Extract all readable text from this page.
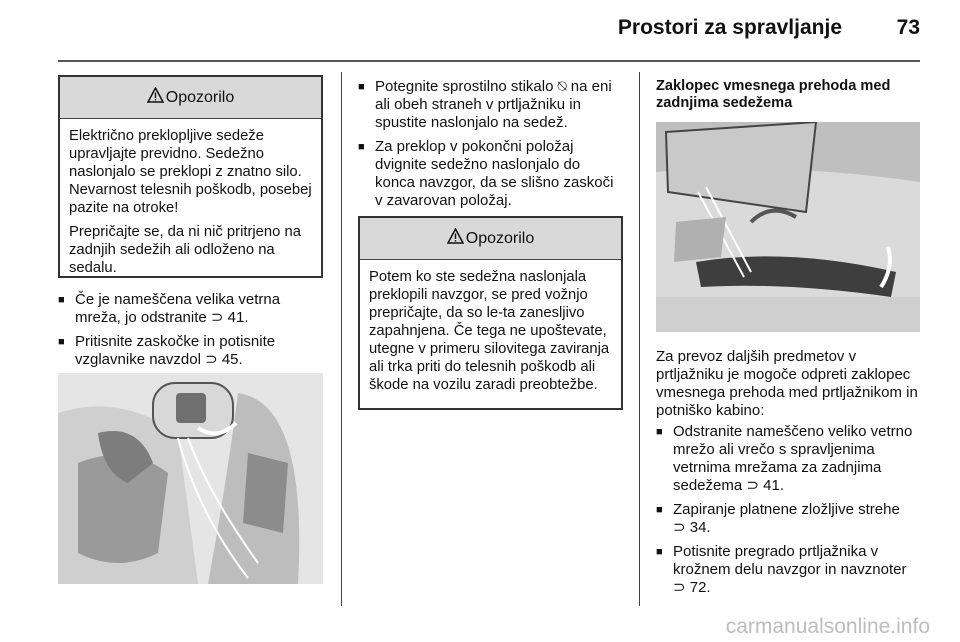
Prostori za spravljanje	73
Opozorilo

Električno preklopljive sedeže upravljajte previdno. Sedežno naslonjalo se preklopi z znatno silo. Nevarnost telesnih poškodb, posebej pazite na otroke!

Prepričajte se, da ni nič pritrjeno na zadnjih sedežih ali odloženo na sedalu.

■ Če je nameščena velika vetrna mreža, jo odstranite ⊃ 41.
■ Pritisnite zaskočke in potisnite vzglavnike navzdol ⊃ 45.
■ Potegnite sprostilno stikalo ⍉ na eni ali obeh straneh v prtljažniku in spustite naslonjalo na sedež.
■ Za preklop v pokončni položaj dvignite sedežno naslonjalo do konca navzgor, da se slišno zaskoči v zavarovan položaj.
Opozorilo

Potem ko ste sedežna naslonjala preklopili navzgor, se pred vožnjo prepričajte, da so le-ta zanesljivo zapahnjena. Če tega ne upoštevate, utegne v primeru silovitega zaviranja ali trka priti do telesnih poškodb ali škode na vozilu zaradi preobtežbe.

Zaklopec vmesnega prehoda med zadnjima sedežema
Za prevoz daljših predmetov v prtljažniku je mogoče odpreti zaklopec vmesnega prehoda med prtljažnikom in potniško kabino:
■ Odstranite nameščeno veliko vetrno mrežo ali vrečo s spravljenima vetrnima mrežama za zadnjima sedežema ⊃ 41.
■ Zapiranje platnene zložljive strehe
⊃ 34.
■ Potisnite pregrado prtljažnika v krožnem delu navzgor in navznoter
⊃ 72.
carmanualsonline.info
